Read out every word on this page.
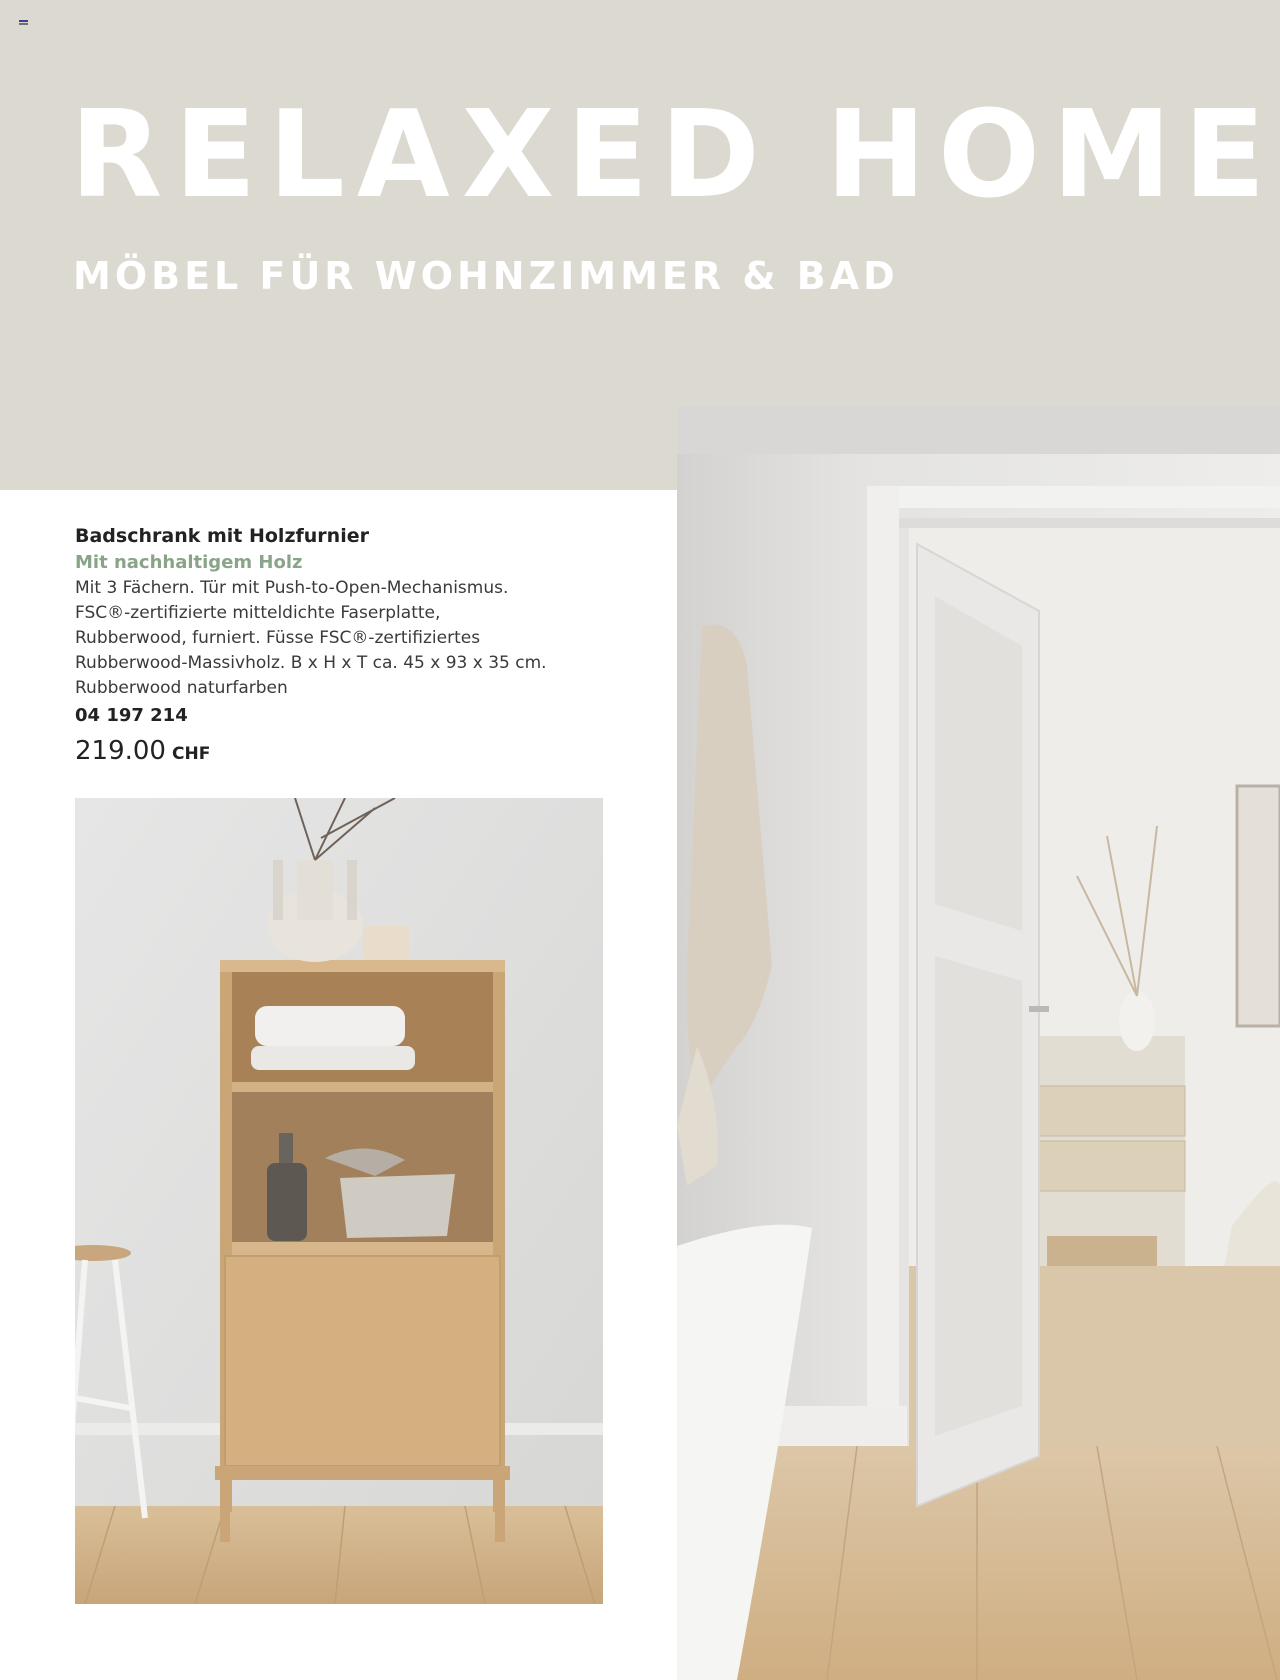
RELAXED HOME
MÖBEL FÜR WOHNZIMMER & BAD
Badschrank mit Holzfurnier
Mit nachhaltigem Holz
Mit 3 Fächern. Tür mit Push-to-Open-Mechanismus.
FSC®-zertifizierte mitteldichte Faserplatte,
Rubberwood, furniert. Füsse FSC®-zertifiziertes
Rubberwood-Massivholz. B x H x T ca. 45 x 93 x 35 cm.
Rubberwood naturfarben
04 197 214
219.00 CHF
